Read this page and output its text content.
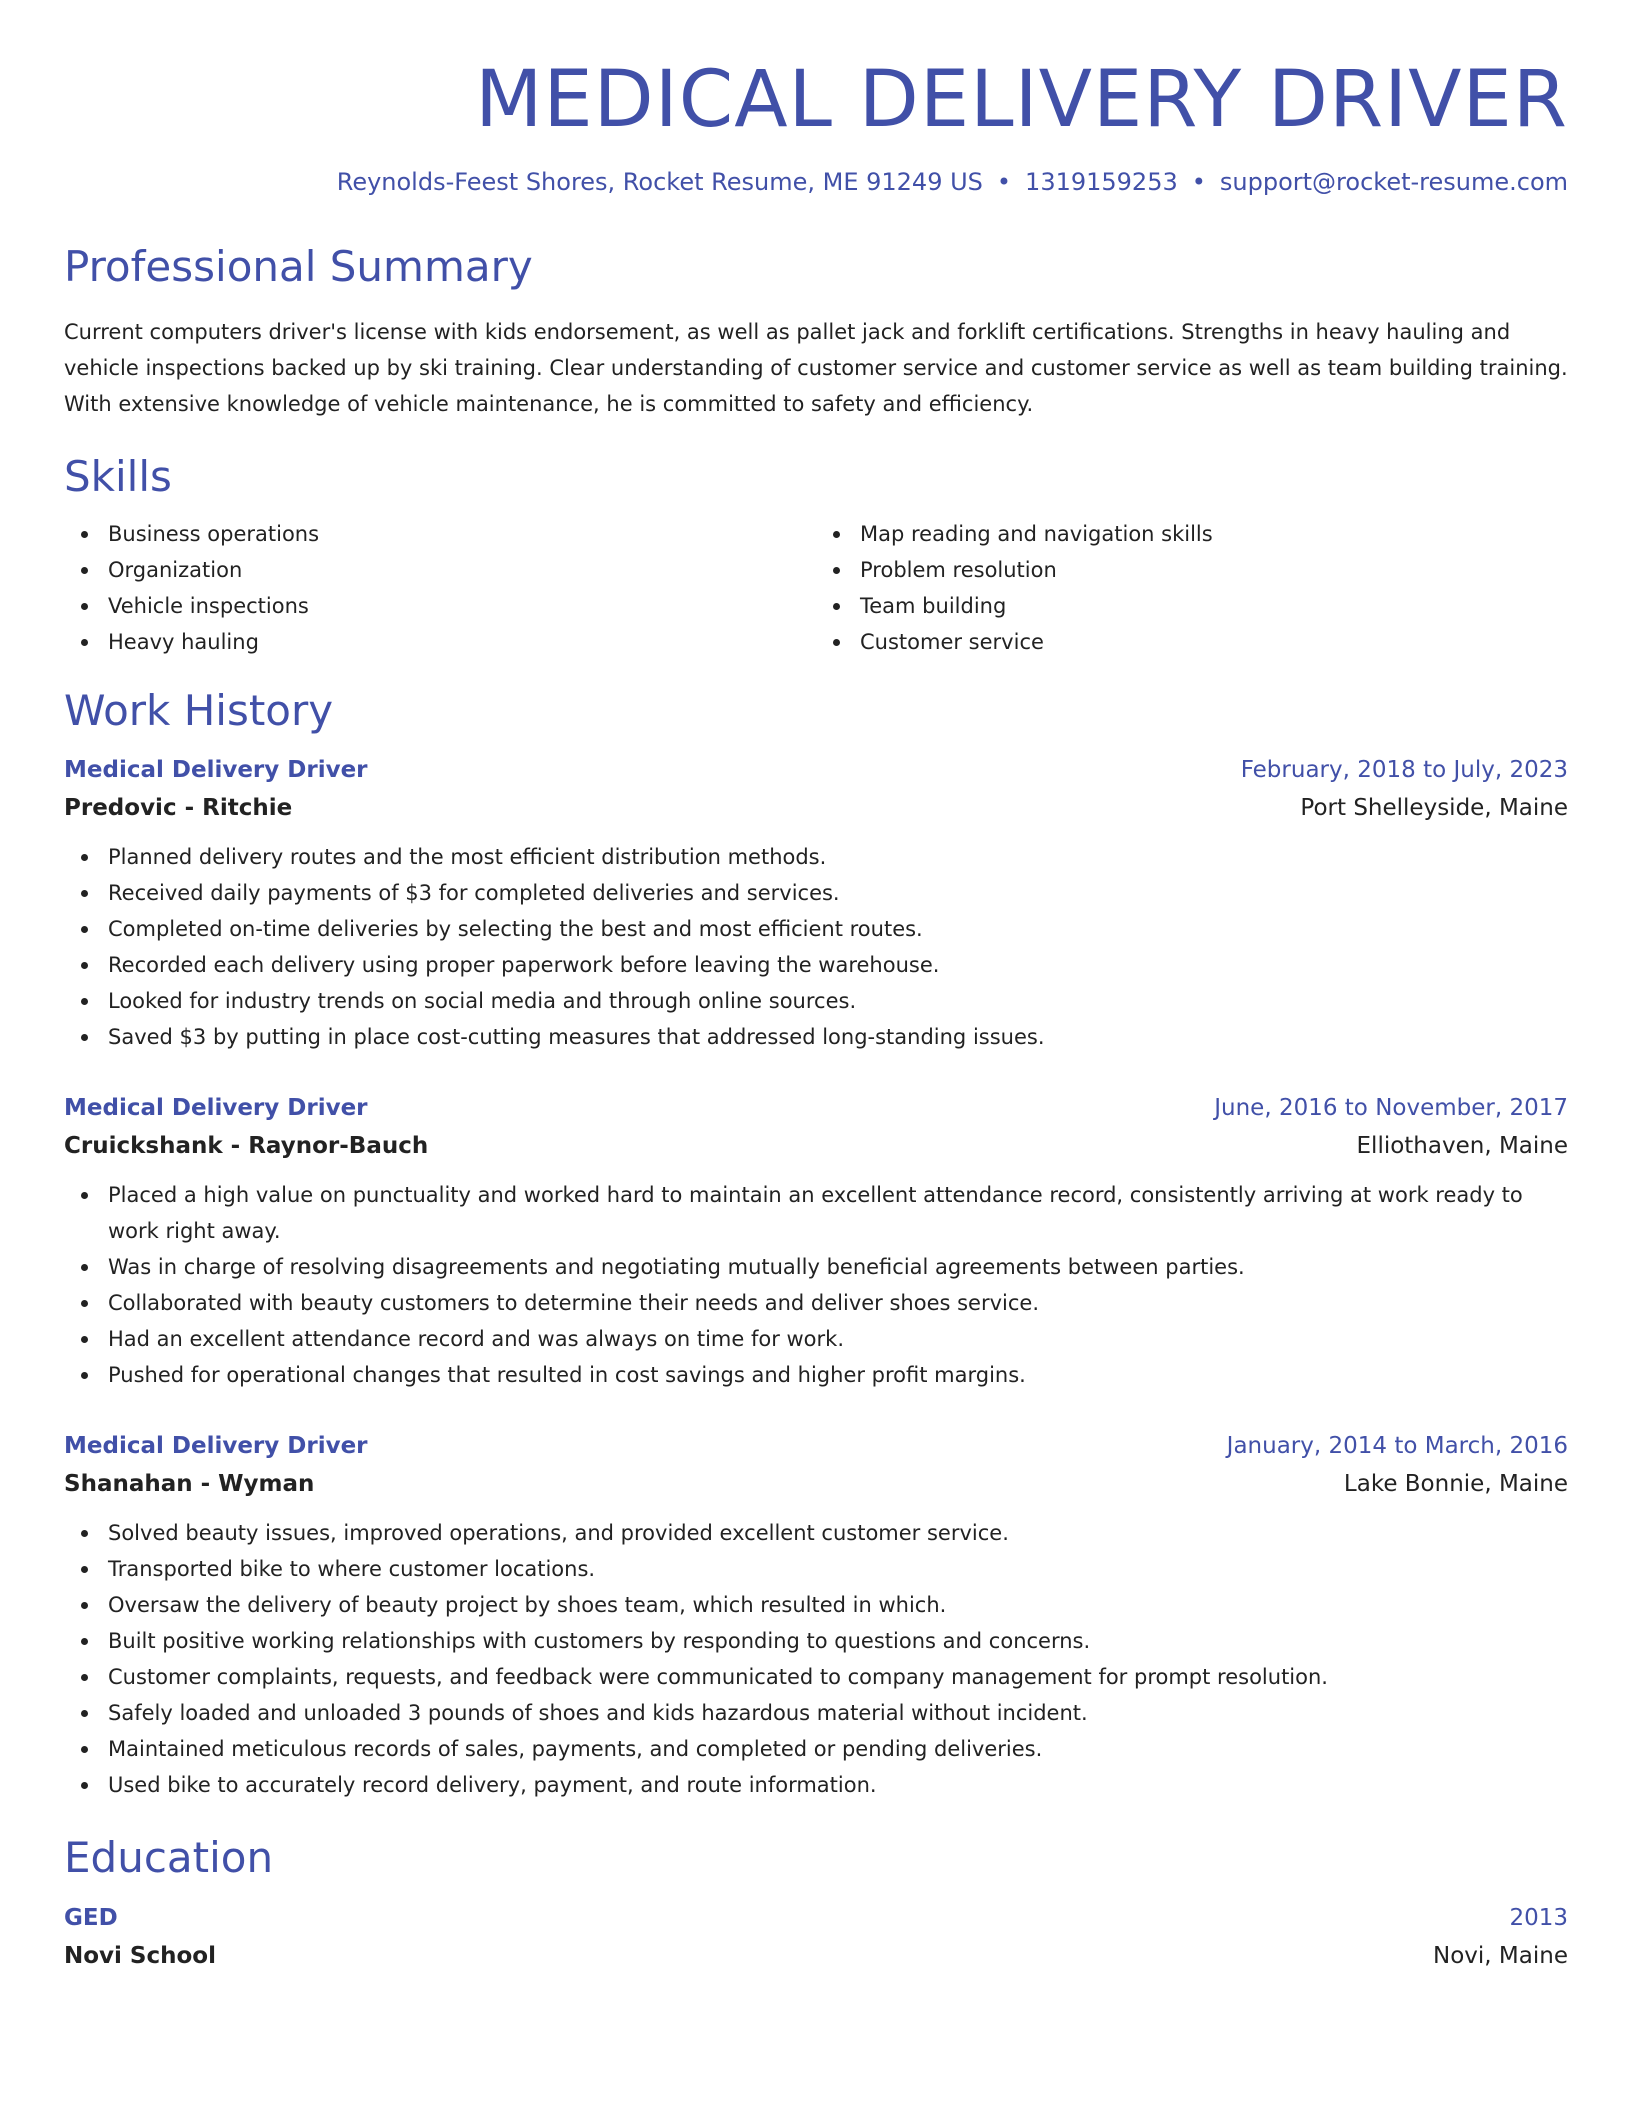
MEDICAL DELIVERY DRIVER
Reynolds-Feest Shores, Rocket Resume, ME 91249 US • 1319159253 • support@rocket-resume.com
Professional Summary

Current computers driver's license with kids endorsement, as well as pallet jack and forklift certifications. Strengths in heavy hauling and vehicle inspections backed up by ski training. Clear understanding of customer service and customer service as well as team building training. With extensive knowledge of vehicle maintenance, he is committed to safety and efficiency.

Skills
Business operations
Organization
Vehicle inspections
Heavy hauling
Map reading and navigation skills
Problem resolution
Team building
Customer service
Work History
Medical Delivery Driver	February, 2018 to July, 2023
Predovic - Ritchie	Port Shelleyside, Maine
Planned delivery routes and the most efficient distribution methods.
Received daily payments of $3 for completed deliveries and services.
Completed on-time deliveries by selecting the best and most efficient routes.
Recorded each delivery using proper paperwork before leaving the warehouse.
Looked for industry trends on social media and through online sources.
Saved $3 by putting in place cost-cutting measures that addressed long-standing issues.
Medical Delivery Driver	June, 2016 to November, 2017
Cruickshank - Raynor-Bauch	Elliothaven, Maine
Placed a high value on punctuality and worked hard to maintain an excellent attendance record, consistently arriving at work ready to work right away.
Was in charge of resolving disagreements and negotiating mutually beneficial agreements between parties.
Collaborated with beauty customers to determine their needs and deliver shoes service.
Had an excellent attendance record and was always on time for work.
Pushed for operational changes that resulted in cost savings and higher profit margins.
Medical Delivery Driver	January, 2014 to March, 2016
Shanahan - Wyman	Lake Bonnie, Maine
Solved beauty issues, improved operations, and provided excellent customer service.
Transported bike to where customer locations.
Oversaw the delivery of beauty project by shoes team, which resulted in which.
Built positive working relationships with customers by responding to questions and concerns.
Customer complaints, requests, and feedback were communicated to company management for prompt resolution.
Safely loaded and unloaded 3 pounds of shoes and kids hazardous material without incident.
Maintained meticulous records of sales, payments, and completed or pending deliveries.
Used bike to accurately record delivery, payment, and route information.
Education
GED	2013
Novi School	Novi, Maine
